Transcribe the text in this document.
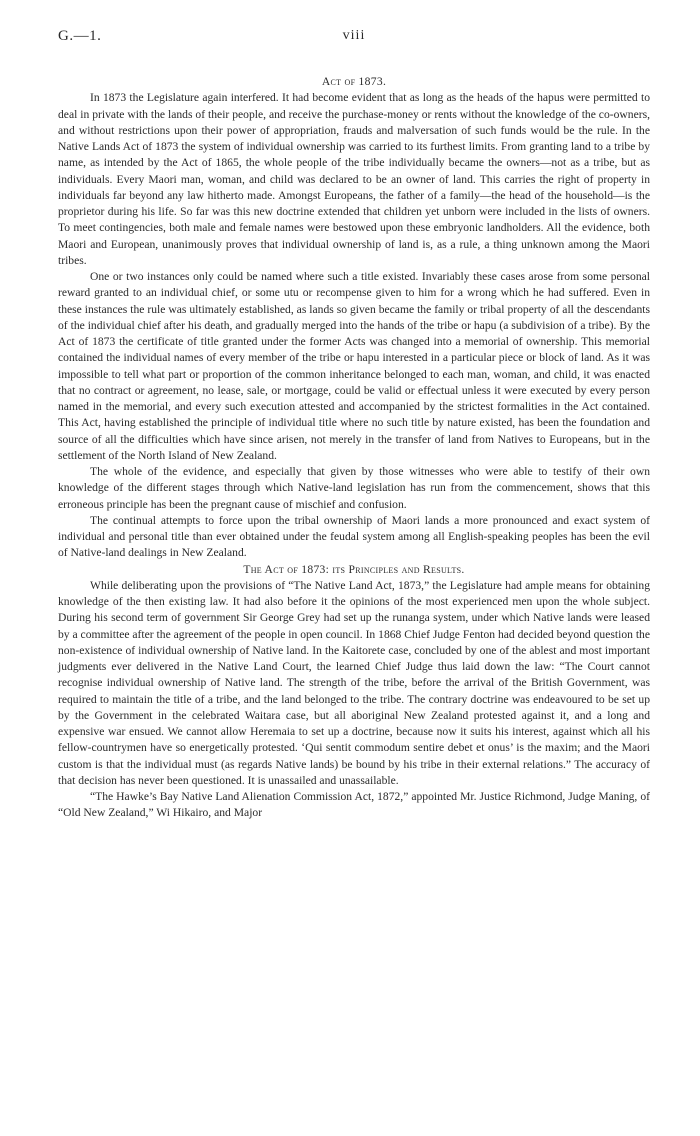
G.—1.	viii
Act of 1873.

In 1873 the Legislature again interfered. It had become evident that as long as the heads of the hapus were permitted to deal in private with the lands of their people, and receive the purchase-money or rents without the knowledge of the co-owners, and without restrictions upon their power of appropriation, frauds and malversation of such funds would be the rule. In the Native Lands Act of 1873 the system of individual ownership was carried to its furthest limits. From granting land to a tribe by name, as intended by the Act of 1865, the whole people of the tribe individually became the owners—not as a tribe, but as individuals. Every Maori man, woman, and child was declared to be an owner of land. This carries the right of property in individuals far beyond any law hitherto made. Amongst Europeans, the father of a family—the head of the household—is the proprietor during his life. So far was this new doctrine extended that children yet unborn were included in the lists of owners. To meet contingencies, both male and female names were bestowed upon these embryonic landholders. All the evidence, both Maori and European, unanimously proves that individual ownership of land is, as a rule, a thing unknown among the Maori tribes.

One or two instances only could be named where such a title existed. Invariably these cases arose from some personal reward granted to an individual chief, or some utu or recompense given to him for a wrong which he had suffered. Even in these instances the rule was ultimately established, as lands so given became the family or tribal property of all the descendants of the individual chief after his death, and gradually merged into the hands of the tribe or hapu (a subdivision of a tribe). By the Act of 1873 the certificate of title granted under the former Acts was changed into a memorial of ownership. This memorial contained the individual names of every member of the tribe or hapu interested in a particular piece or block of land. As it was impossible to tell what part or proportion of the common inheritance belonged to each man, woman, and child, it was enacted that no contract or agreement, no lease, sale, or mortgage, could be valid or effectual unless it were executed by every person named in the memorial, and every such execution attested and accompanied by the strictest formalities in the Act contained. This Act, having established the principle of individual title where no such title by nature existed, has been the foundation and source of all the difficulties which have since arisen, not merely in the transfer of land from Natives to Europeans, but in the settlement of the North Island of New Zealand.

The whole of the evidence, and especially that given by those witnesses who were able to testify of their own knowledge of the different stages through which Native-land legislation has run from the commencement, shows that this erroneous principle has been the pregnant cause of mischief and confusion.

The continual attempts to force upon the tribal ownership of Maori lands a more pronounced and exact system of individual and personal title than ever obtained under the feudal system among all English-speaking peoples has been the evil of Native-land dealings in New Zealand.

The Act of 1873: its Principles and Results.

While deliberating upon the provisions of “The Native Land Act, 1873,” the Legislature had ample means for obtaining knowledge of the then existing law. It had also before it the opinions of the most experienced men upon the whole subject. During his second term of government Sir George Grey had set up the runanga system, under which Native lands were leased by a committee after the agreement of the people in open council. In 1868 Chief Judge Fenton had decided beyond question the non-existence of individual ownership of Native land. In the Kaitorete case, concluded by one of the ablest and most important judgments ever delivered in the Native Land Court, the learned Chief Judge thus laid down the law: “The Court cannot recognise individual ownership of Native land. The strength of the tribe, before the arrival of the British Government, was required to maintain the title of a tribe, and the land belonged to the tribe. The contrary doctrine was endeavoured to be set up by the Government in the celebrated Waitara case, but all aboriginal New Zealand protested against it, and a long and expensive war ensued. We cannot allow Heremaia to set up a doctrine, because now it suits his interest, against which all his fellow-countrymen have so energetically protested. ‘Qui sentit commodum sentire debet et onus’ is the maxim; and the Maori custom is that the individual must (as regards Native lands) be bound by his tribe in their external relations.” The accuracy of that decision has never been questioned. It is unassailed and unassailable.

“The Hawke’s Bay Native Land Alienation Commission Act, 1872,” appointed Mr. Justice Richmond, Judge Maning, of “Old New Zealand,” Wi Hikairo, and Major
